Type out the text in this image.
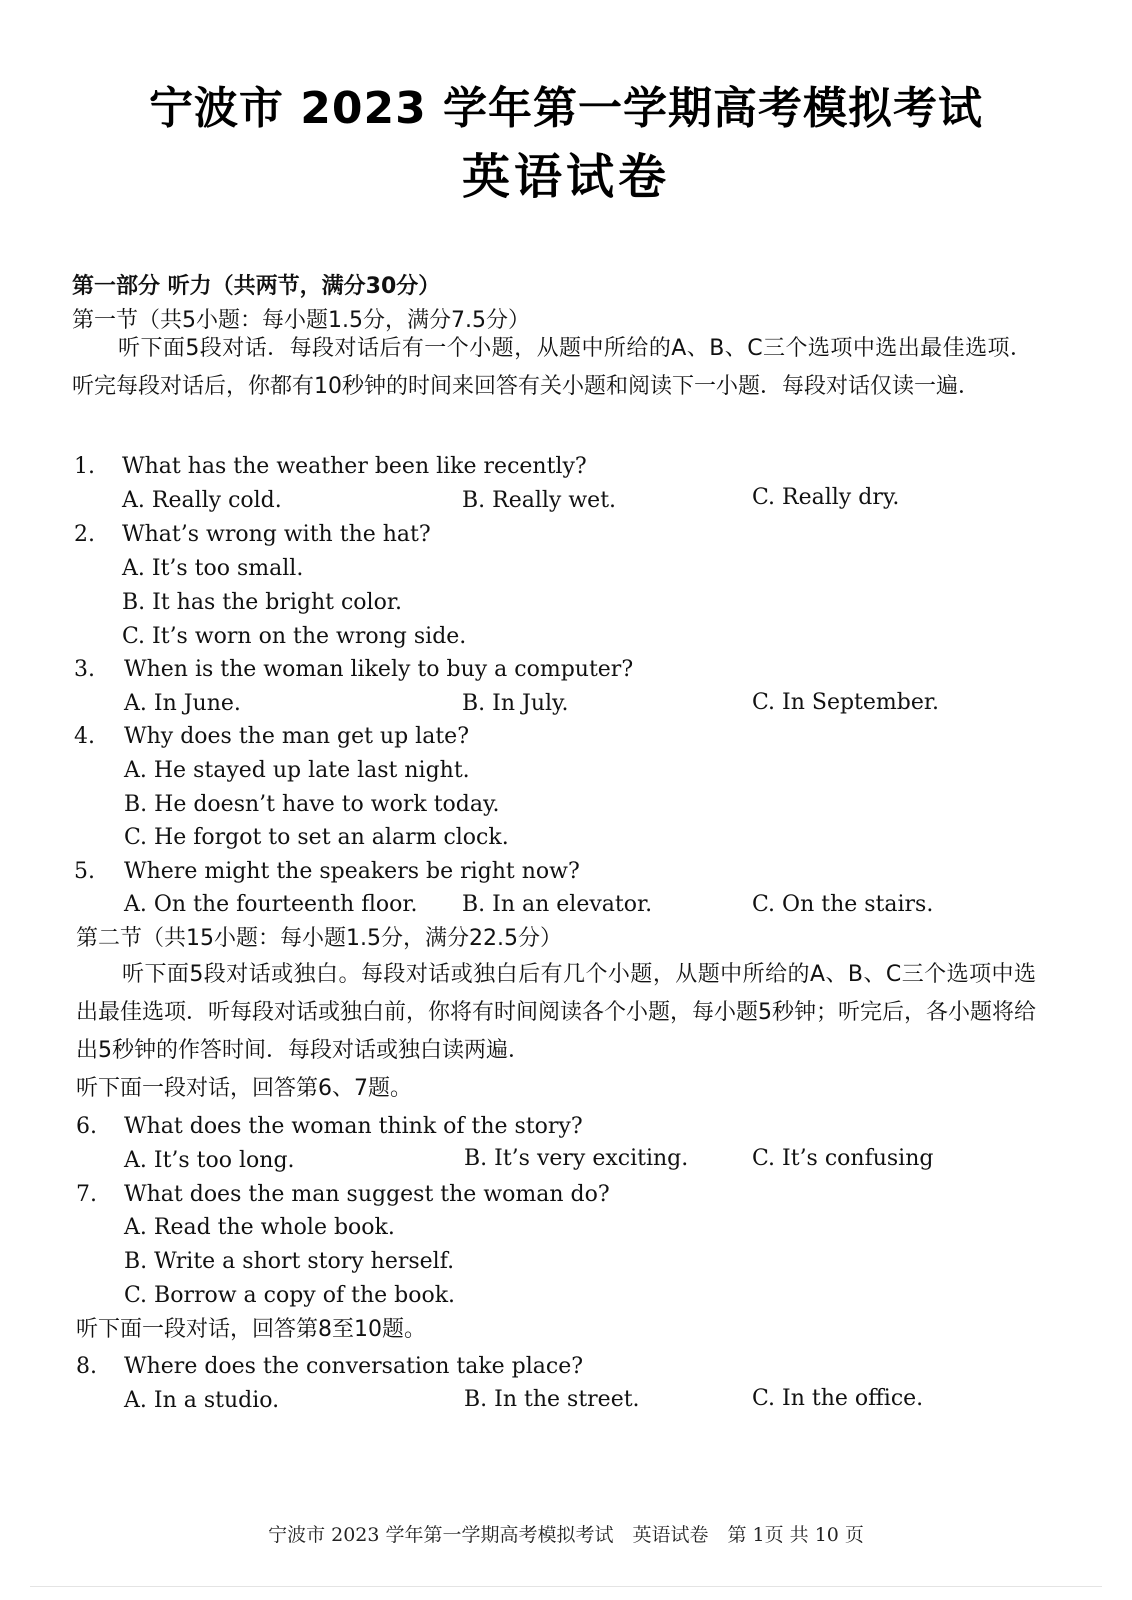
宁波市 2023 学年第一学期高考模拟考试
英语试卷
第一部分 听力（共两节，满分30分）
第一节（共5小题：每小题1.5分，满分7.5分）

听下面5段对话．每段对话后有一个小题，从题中所给的A、B、C三个选项中选出最佳选项．听完每段对话后，你都有10秒钟的时间来回答有关小题和阅读下一小题．每段对话仅读一遍．

1. What has the weather been like recently?
A. Really cold.	B. Really wet.	C. Really dry.
2. What’s wrong with the hat?
A. It’s too small.
B. It has the bright color.
C. It’s worn on the wrong side.
3. When is the woman likely to buy a computer?
A. In June.	B. In July.	C. In September.
4. Why does the man get up late?
A. He stayed up late last night.
B. He doesn’t have to work today.
C. He forgot to set an alarm clock.
5. Where might the speakers be right now?
A. On the fourteenth floor. B. In an elevator.	C. On the stairs.
第二节（共15小题：每小题1.5分，满分22.5分）

听下面5段对话或独白。每段对话或独白后有几个小题，从题中所给的A、B、C三个选项中选出最佳选项．听每段对话或独白前，你将有时间阅读各个小题，每小题5秒钟；听完后，各小题将给出5秒钟的作答时间．每段对话或独白读两遍．

听下面一段对话，回答第6、7题。
6. What does the woman think of the story?
A. It’s too long.	B. It’s very exciting.	C. It’s confusing
7. What does the man suggest the woman do?
A. Read the whole book.
B. Write a short story herself.
C. Borrow a copy of the book.
听下面一段对话，回答第8至10题。
8. Where does the conversation take place?
A. In a studio.	B. In the street.	C. In the office.
宁波市 2023 学年第一学期高考模拟考试　英语试卷　第 1页 共 10 页
